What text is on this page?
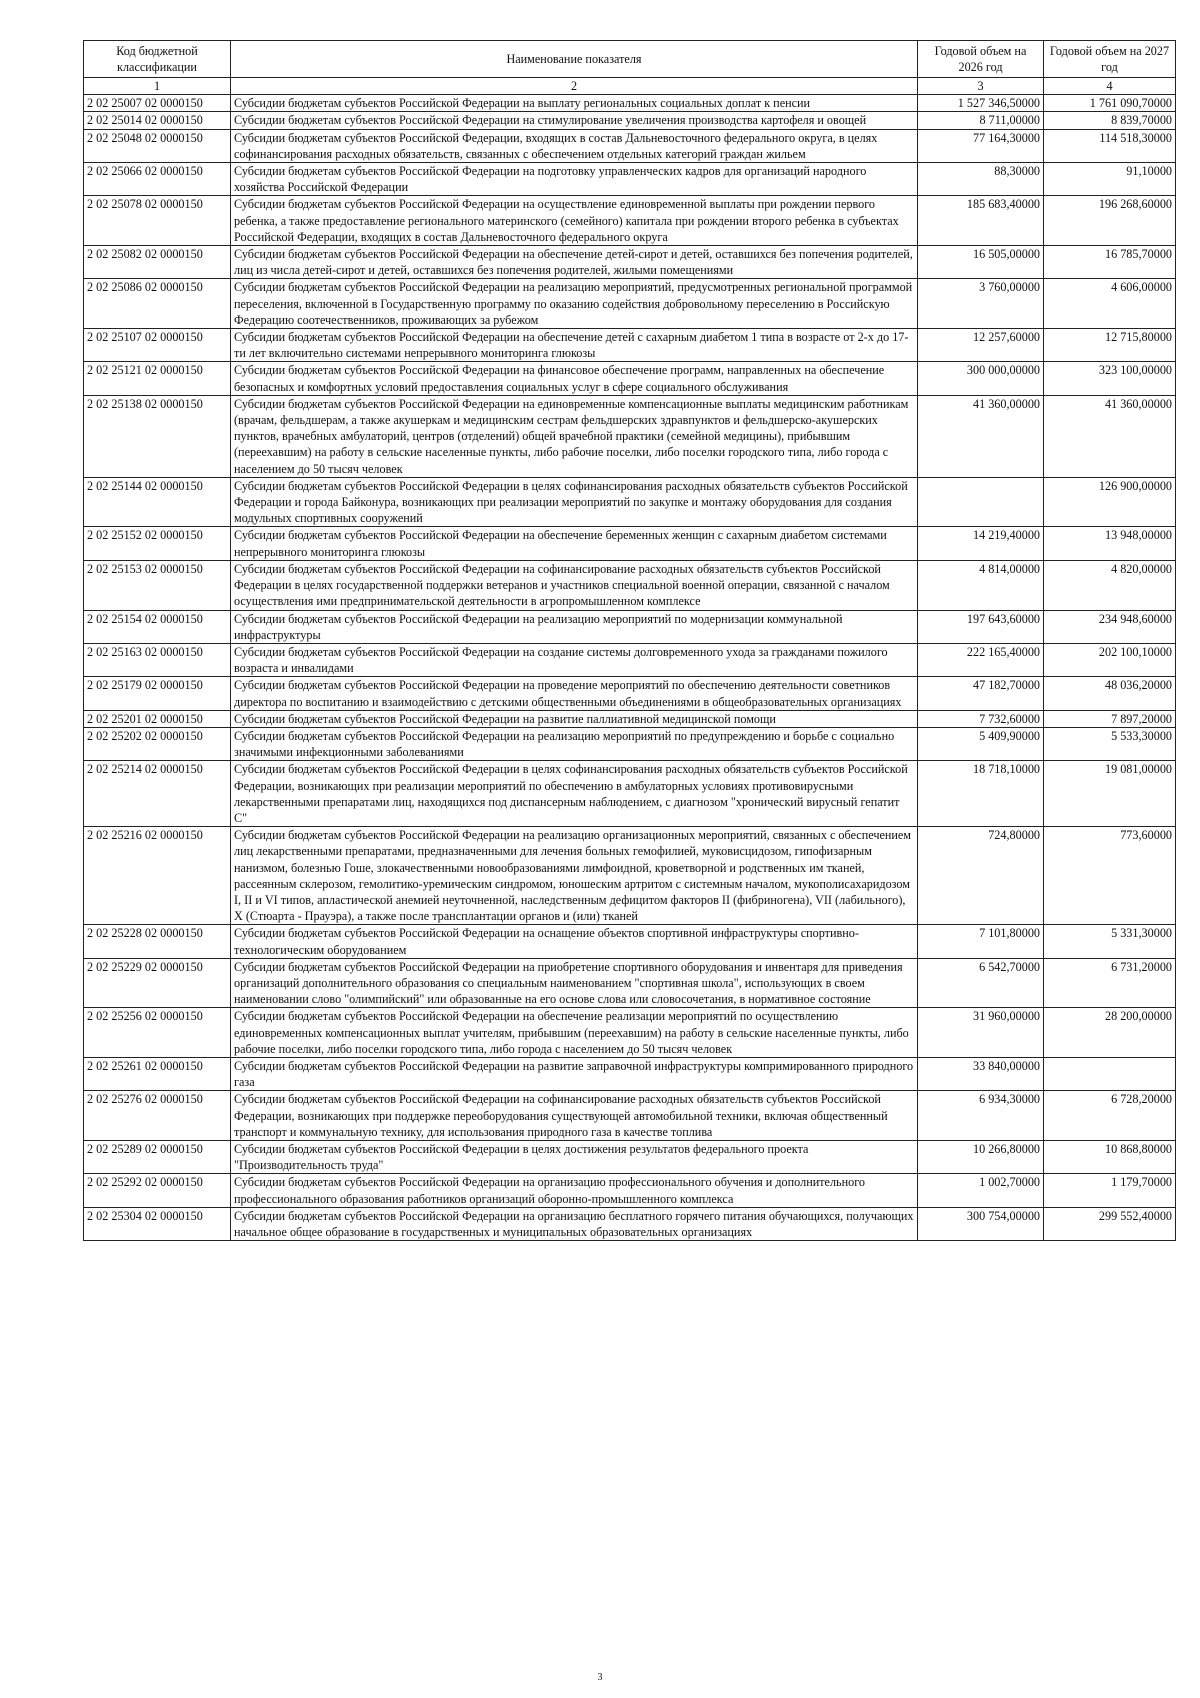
Код бюджетной классификации	Наименование показателя	Годовой объем на 2026 год	Годовой объем на 2027 год
1	2	3	4
2 02 25007 02 0000150	Субсидии бюджетам субъектов Российской Федерации на выплату региональных социальных доплат к пенсии	1 527 346,50000	1 761 090,70000
2 02 25014 02 0000150	Субсидии бюджетам субъектов Российской Федерации на стимулирование увеличения производства картофеля и овощей	8 711,00000	8 839,70000
2 02 25048 02 0000150	Субсидии бюджетам субъектов Российской Федерации, входящих в состав Дальневосточного федерального округа, в целях софинансирования расходных обязательств, связанных с обеспечением отдельных категорий граждан жильем	77 164,30000	114 518,30000
2 02 25066 02 0000150	Субсидии бюджетам субъектов Российской Федерации на подготовку управленческих кадров для организаций народного хозяйства Российской Федерации	88,30000	91,10000
2 02 25078 02 0000150	Субсидии бюджетам субъектов Российской Федерации на осуществление единовременной выплаты при рождении первого ребенка, а также предоставление регионального материнского (семейного) капитала при рождении второго ребенка в субъектах Российской Федерации, входящих в состав Дальневосточного федерального округа	185 683,40000	196 268,60000
2 02 25082 02 0000150	Субсидии бюджетам субъектов Российской Федерации на обеспечение детей-сирот и детей, оставшихся без попечения родителей, лиц из числа детей-сирот и детей, оставшихся без попечения родителей, жилыми помещениями	16 505,00000	16 785,70000
2 02 25086 02 0000150	Субсидии бюджетам субъектов Российской Федерации на реализацию мероприятий, предусмотренных региональной программой переселения, включенной в Государственную программу по оказанию содействия добровольному переселению в Российскую Федерацию соотечественников, проживающих за рубежом	3 760,00000	4 606,00000
2 02 25107 02 0000150	Субсидии бюджетам субъектов Российской Федерации на обеспечение детей с сахарным диабетом 1 типа в возрасте от 2-х до 17-ти лет включительно системами непрерывного мониторинга глюкозы	12 257,60000	12 715,80000
2 02 25121 02 0000150	Субсидии бюджетам субъектов Российской Федерации на финансовое обеспечение программ, направленных на обеспечение безопасных и комфортных условий предоставления социальных услуг в сфере социального обслуживания	300 000,00000	323 100,00000
2 02 25138 02 0000150	Субсидии бюджетам субъектов Российской Федерации на единовременные компенсационные выплаты медицинским работникам (врачам, фельдшерам, а также акушеркам и медицинским сестрам фельдшерских здравпунктов и фельдшерско-акушерских пунктов, врачебных амбулаторий, центров (отделений) общей врачебной практики (семейной медицины), прибывшим (переехавшим) на работу в сельские населенные пункты, либо рабочие поселки, либо поселки городского типа, либо города с населением до 50 тысяч человек	41 360,00000	41 360,00000
2 02 25144 02 0000150	Субсидии бюджетам субъектов Российской Федерации в целях софинансирования расходных обязательств субъектов Российской Федерации и города Байконура, возникающих при реализации мероприятий по закупке и монтажу оборудования для создания модульных спортивных сооружений		126 900,00000
2 02 25152 02 0000150	Субсидии бюджетам субъектов Российской Федерации на обеспечение беременных женщин с сахарным диабетом системами непрерывного мониторинга глюкозы	14 219,40000	13 948,00000
2 02 25153 02 0000150	Субсидии бюджетам субъектов Российской Федерации на софинансирование расходных обязательств субъектов Российской Федерации в целях государственной поддержки ветеранов и участников специальной военной операции, связанной с началом осуществления ими предпринимательской деятельности в агропромышленном комплексе	4 814,00000	4 820,00000
2 02 25154 02 0000150	Субсидии бюджетам субъектов Российской Федерации на реализацию мероприятий по модернизации коммунальной инфраструктуры	197 643,60000	234 948,60000
2 02 25163 02 0000150	Субсидии бюджетам субъектов Российской Федерации на создание системы долговременного ухода за гражданами пожилого возраста и инвалидами	222 165,40000	202 100,10000
2 02 25179 02 0000150	Субсидии бюджетам субъектов Российской Федерации на проведение мероприятий по обеспечению деятельности советников директора по воспитанию и взаимодействию с детскими общественными объединениями в общеобразовательных организациях	47 182,70000	48 036,20000
2 02 25201 02 0000150	Субсидии бюджетам субъектов Российской Федерации на развитие паллиативной медицинской помощи	7 732,60000	7 897,20000
2 02 25202 02 0000150	Субсидии бюджетам субъектов Российской Федерации на реализацию мероприятий по предупреждению и борьбе с социально значимыми инфекционными заболеваниями	5 409,90000	5 533,30000
2 02 25214 02 0000150	Субсидии бюджетам субъектов Российской Федерации в целях софинансирования расходных обязательств субъектов Российской Федерации, возникающих при реализации мероприятий по обеспечению в амбулаторных условиях противовирусными лекарственными препаратами лиц, находящихся под диспансерным наблюдением, с диагнозом "хронический вирусный гепатит С"	18 718,10000	19 081,00000
2 02 25216 02 0000150	Субсидии бюджетам субъектов Российской Федерации на реализацию организационных мероприятий, связанных с обеспечением лиц лекарственными препаратами, предназначенными для лечения больных гемофилией, муковисцидозом, гипофизарным нанизмом, болезнью Гоше, злокачественными новообразованиями лимфоидной, кроветворной и родственных им тканей, рассеянным склерозом, гемолитико-уремическим синдромом, юношеским артритом с системным началом, мукополисахаридозом I, II и VI типов, апластической анемией неуточненной, наследственным дефицитом факторов II (фибриногена), VII (лабильного), X (Стюарта - Прауэра), а также после трансплантации органов и (или) тканей	724,80000	773,60000
2 02 25228 02 0000150	Субсидии бюджетам субъектов Российской Федерации на оснащение объектов спортивной инфраструктуры спортивно-технологическим оборудованием	7 101,80000	5 331,30000
2 02 25229 02 0000150	Субсидии бюджетам субъектов Российской Федерации на приобретение спортивного оборудования и инвентаря для приведения организаций дополнительного образования со специальным наименованием "спортивная школа", использующих в своем наименовании слово "олимпийский" или образованные на его основе слова или словосочетания, в нормативное состояние	6 542,70000	6 731,20000
2 02 25256 02 0000150	Субсидии бюджетам субъектов Российской Федерации на обеспечение реализации мероприятий по осуществлению единовременных компенсационных выплат учителям, прибывшим (переехавшим) на работу в сельские населенные пункты, либо рабочие поселки, либо поселки городского типа, либо города с населением до 50 тысяч человек	31 960,00000	28 200,00000
2 02 25261 02 0000150	Субсидии бюджетам субъектов Российской Федерации на развитие заправочной инфраструктуры компримированного природного газа	33 840,00000	
2 02 25276 02 0000150	Субсидии бюджетам субъектов Российской Федерации на софинансирование расходных обязательств субъектов Российской Федерации, возникающих при поддержке переоборудования существующей автомобильной техники, включая общественный транспорт и коммунальную технику, для использования природного газа в качестве топлива	6 934,30000	6 728,20000
2 02 25289 02 0000150	Субсидии бюджетам субъектов Российской Федерации в целях достижения результатов федерального проекта "Производительность труда"	10 266,80000	10 868,80000
2 02 25292 02 0000150	Субсидии бюджетам субъектов Российской Федерации на организацию профессионального обучения и дополнительного профессионального образования работников организаций оборонно-промышленного комплекса	1 002,70000	1 179,70000
2 02 25304 02 0000150	Субсидии бюджетам субъектов Российской Федерации на организацию бесплатного горячего питания обучающихся, получающих начальное общее образование в государственных и муниципальных образовательных организациях	300 754,00000	299 552,40000
3
